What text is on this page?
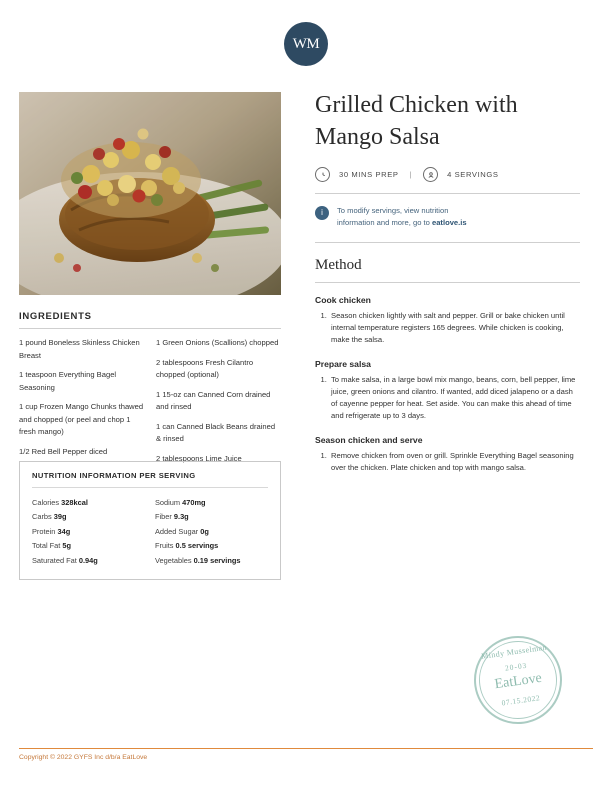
WM
INGREDIENTS
1 pound Boneless Skinless Chicken Breast
1 teaspoon Everything Bagel Seasoning
1 cup Frozen Mango Chunks thawed and chopped (or peel and chop 1 fresh mango)
1/2 Red Bell Pepper diced
1 Green Onions (Scallions) chopped
2 tablespoons Fresh Cilantro chopped (optional)
1 15-oz can Canned Corn drained and rinsed
1 can Canned Black Beans drained & rinsed
2 tablespoons Lime Juice
NUTRITION INFORMATION PER SERVING
Calories 328kcal
Carbs 39g
Protein 34g
Total Fat 5g
Saturated Fat 0.94g
Sodium 470mg
Fiber 9.3g
Added Sugar 0g
Fruits 0.5 servings
Vegetables 0.19 servings
Grilled Chicken with Mango Salsa
30 MINS PREP |	4 SERVINGS
i	To modify servings, view nutrition
information and more, go to eatlove.is
Method
Cook chicken
1. Season chicken lightly with salt and pepper. Grill or bake chicken until internal temperature registers 165 degrees. While chicken is cooking, make the salsa.
Prepare salsa
1. To make salsa, in a large bowl mix mango, beans, corn, bell pepper, lime juice, green onions and cilantro. If wanted, add diced jalapeno or a dash of cayenne pepper for heat. Set aside. You can make this ahead of time and refrigerate up to 3 days.
Season chicken and serve
1. Remove chicken from oven or grill. Sprinkle Everything Bagel seasoning over the chicken. Plate chicken and top with mango salsa.
Mindy Musselman
20-03
EatLove
07.15.2022
Copyright © 2022 GYFS Inc d/b/a EatLove
